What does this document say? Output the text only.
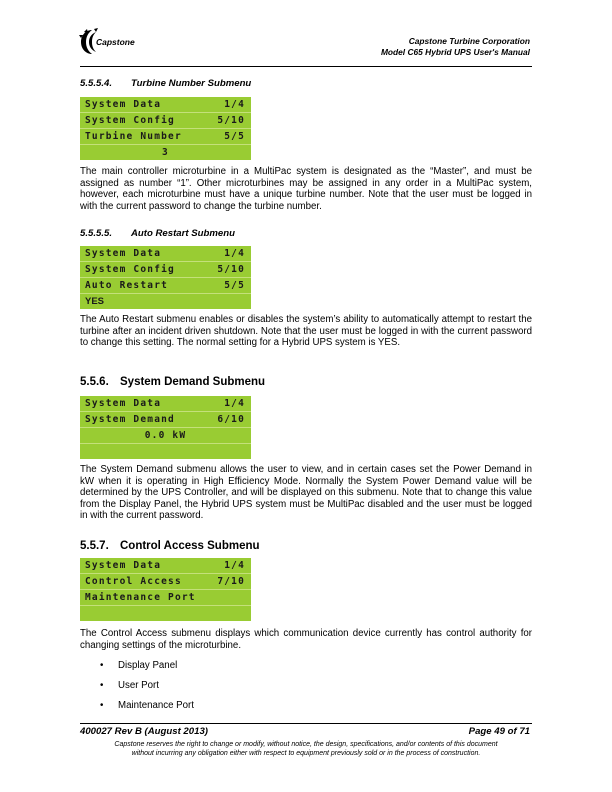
Capstone	Capstone Turbine Corporation
Model C65 Hybrid UPS User's Manual
5.5.5.4. Turbine Number Submenu
System Data	1/4
System Config	5/10
Turbine Number	5/5
3
The main controller microturbine in a MultiPac system is designated as the “Master”, and must be assigned as number “1”. Other microturbines may be assigned in any order in a MultiPac system, however, each microturbine must have a unique turbine number. Note that the user must be logged in with the current password to change the turbine number.
5.5.5.5. Auto Restart Submenu
System Data	1/4
System Config	5/10
Auto Restart	5/5
YES
The Auto Restart submenu enables or disables the system’s ability to automatically attempt to restart the turbine after an incident driven shutdown. Note that the user must be logged in with the current password to change this setting. The normal setting for a Hybrid UPS system is YES.
5.5.6. System Demand Submenu
System Data	1/4
System Demand	6/10
0.0 kW
The System Demand submenu allows the user to view, and in certain cases set the Power Demand in kW when it is operating in High Efficiency Mode. Normally the System Power Demand value will be determined by the UPS Controller, and will be displayed on this submenu. Note that to change this value from the Display Panel, the Hybrid UPS system must be MultiPac disabled and the user must be logged in with the current password.
5.5.7. Control Access Submenu
System Data	1/4
Control Access	7/10
Maintenance Port
The Control Access submenu displays which communication device currently has control authority for changing settings of the microturbine.
• Display Panel
• User Port
• Maintenance Port
400027 Rev B (August 2013)	Page 49 of 71
Capstone reserves the right to change or modify, without notice, the design, specifications, and/or contents of this document
without incurring any obligation either with respect to equipment previously sold or in the process of construction.
